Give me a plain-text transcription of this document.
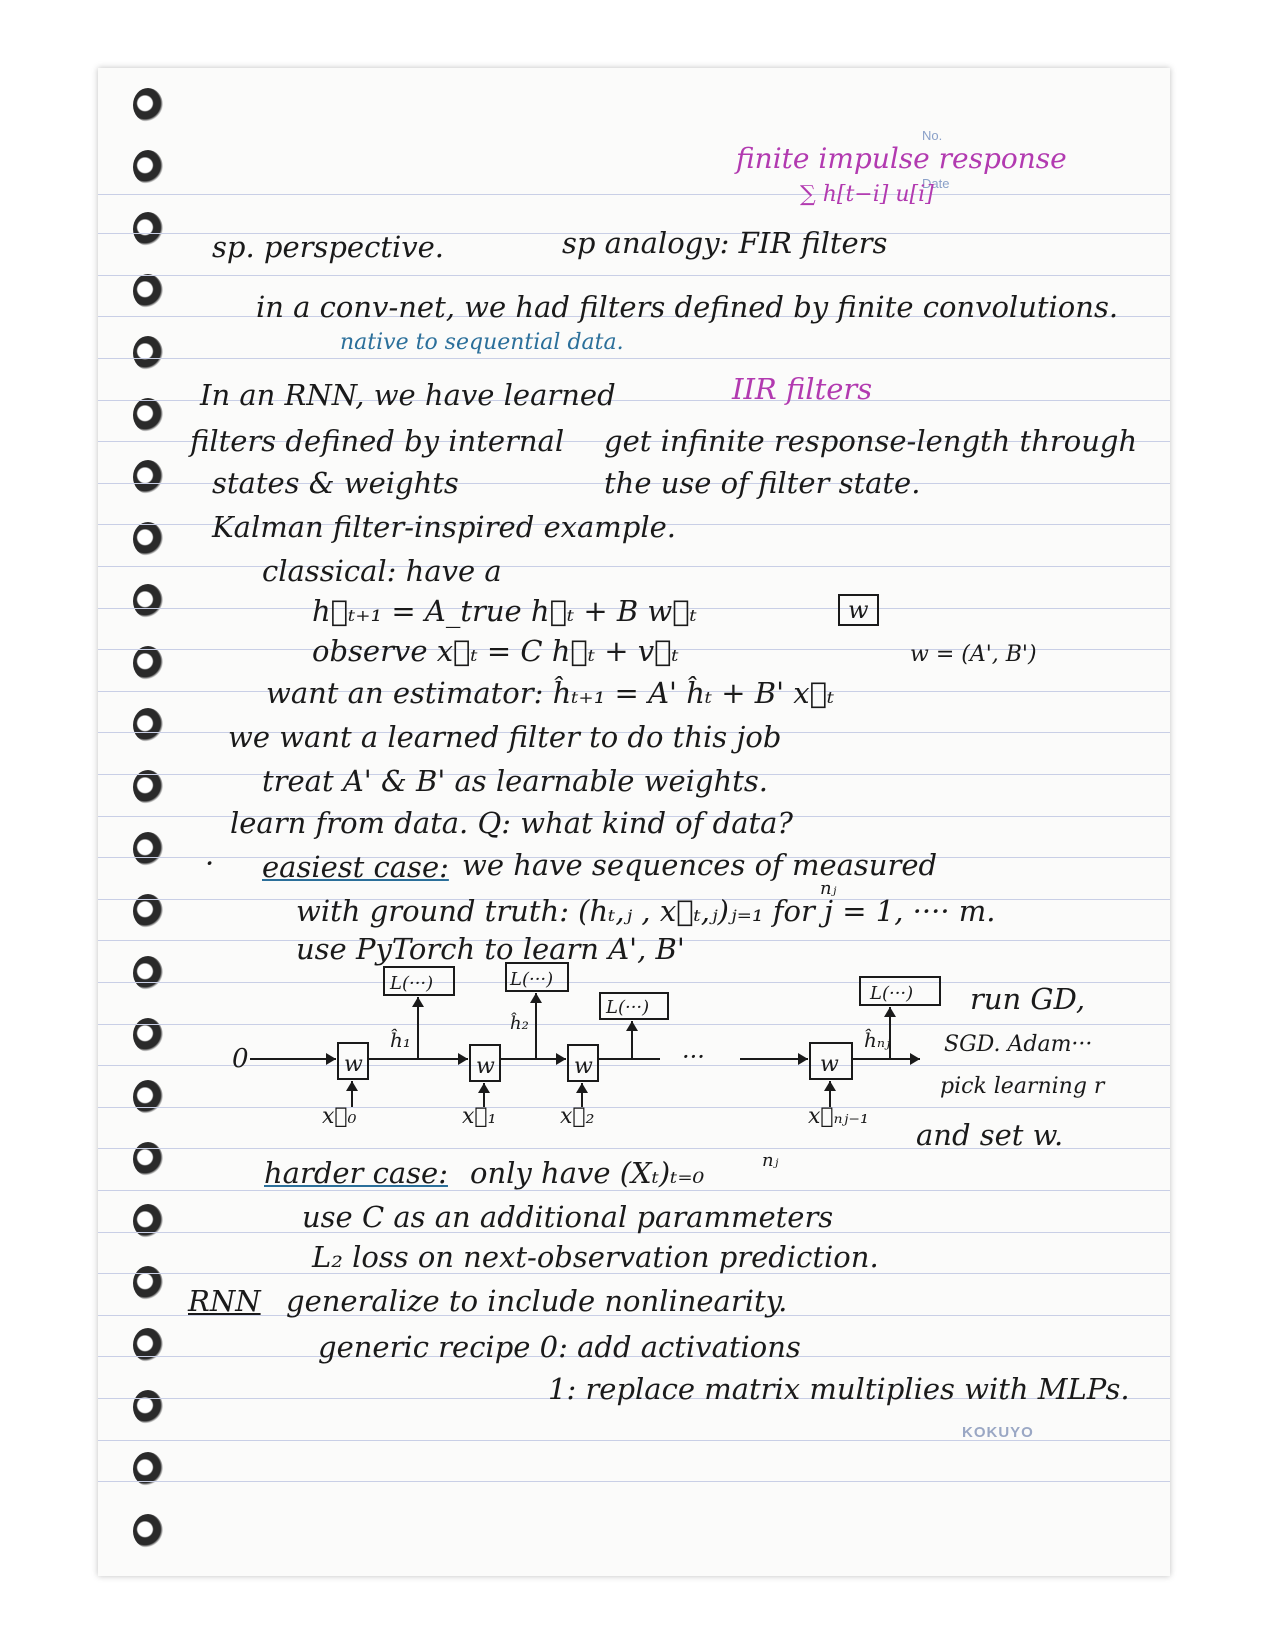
No.
Date
finite impulse response
∑ h[t−i] u[i]
sp. perspective.	sp analogy: FIR filters
in a conv-net, we had filters defined by finite convolutions.
native to sequential data.
In an RNN, we have learned	IIR filters
filters defined by internal get infinite response-length through
states & weights	the use of filter state.
Kalman filter-inspired example.
classical: have a
h⃗ₜ₊₁ = A_true h⃗ₜ + B w⃗ₜ
observe x⃗ₜ = C h⃗ₜ + v⃗ₜ
w
w = (A', B')
want an estimator: ĥₜ₊₁ = A' ĥₜ + B' x⃗ₜ
we want a learned filter to do this job
treat A' & B' as learnable weights.
learn from data. Q: what kind of data?
· easiest case: we have sequences of measured
nⱼ
with ground truth: (hₜ,ⱼ , x⃗ₜ,ⱼ)ⱼ₌₁ for j = 1, ···· m.
use PyTorch to learn A', B'
0	w	w	w	w
L(···)	L(···)
L(···)
L(···)
ĥ₁
ĥ₂
ĥₙⱼ
···
x⃗₀	x⃗₁	x⃗₂	x⃗ₙⱼ₋₁
run GD,
SGD. Adam···
pick learning r
and set w.
harder case: only have (Xₜ)ₜ₌₀	nⱼ
use C as an additional parammeters
L₂ loss on next-observation prediction.
RNN generalize to include nonlinearity.
generic recipe 0: add activations
1: replace matrix multiplies with MLPs.
KOKUYO
